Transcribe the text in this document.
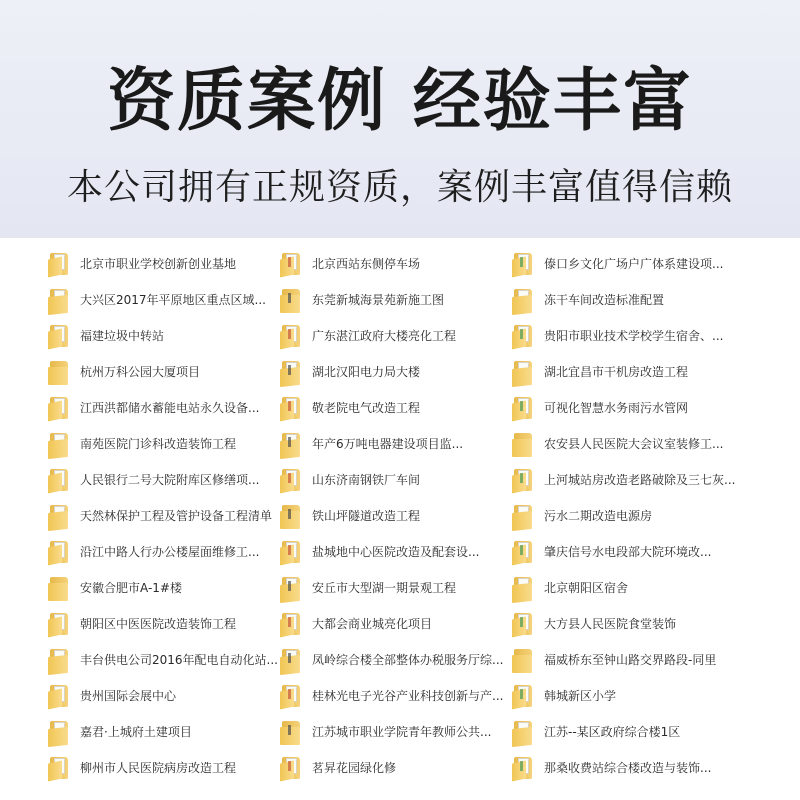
资质案例 经验丰富
本公司拥有正规资质，案例丰富值得信赖
北京市职业学校创新创业基地
大兴区2017年平原地区重点区域...
福建垃圾中转站
杭州万科公园大厦项目
江西洪都储水蓄能电站永久设备...
南苑医院门诊科改造装饰工程
人民银行二号大院附库区修缮项...
天然林保护工程及管护设备工程清单
沿江中路人行办公楼屋面维修工...
安徽合肥市A-1#楼
朝阳区中医医院改造装饰工程
丰台供电公司2016年配电自动化站...
贵州国际会展中心
嘉君·上城府土建项目
柳州市人民医院病房改造工程
北京西站东侧停车场
东莞新城海景苑新施工图
广东湛江政府大楼亮化工程
湖北汉阳电力局大楼
敬老院电气改造工程
年产6万吨电器建设项目监...
山东济南钢铁厂车间
铁山坪隧道改造工程
盐城地中心医院改造及配套设...
安丘市大型湖一期景观工程
大都会商业城亮化项目
凤岭综合楼全部整体办税服务厅综...
桂林光电子光谷产业科技创新与产...
江苏城市职业学院青年教师公共...
茗昇花园绿化修
傣口乡文化广场户广体系建设项...
冻干车间改造标准配置
贵阳市职业技术学校学生宿舍、...
湖北宜昌市干机房改造工程
可视化智慧水务雨污水管网
农安县人民医院大会议室装修工...
上河城站房改造老路破除及三七灰...
污水二期改造电源房
肇庆信号水电段部大院环境改...
北京朝阳区宿舍
大方县人民医院食堂装饰
福威桥东至钟山路交界路段-同里
韩城新区小学
江苏--某区政府综合楼1区
那桑收费站综合楼改造与装饰...
